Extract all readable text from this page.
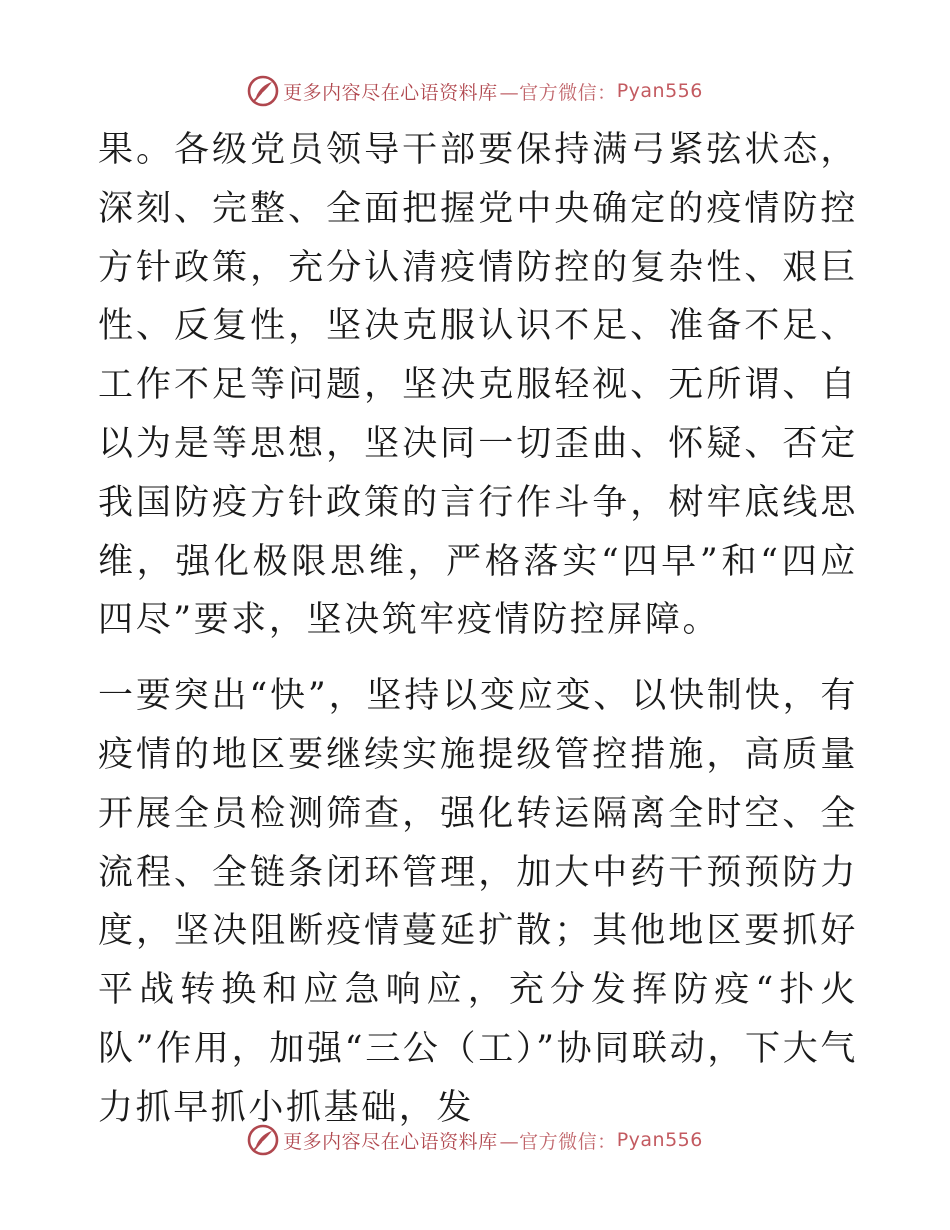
更多内容尽在心语资料库 —官方微信： Pyan556

果。各级党员领导干部要保持满弓紧弦状态，深刻、完整、全面把握党中央确定的疫情防控方针政策，充分认清疫情防控的复杂性、艰巨性、反复性，坚决克服认识不足、准备不足、工作不足等问题，坚决克服轻视、无所谓、自以为是等思想，坚决同一切歪曲、怀疑、否定我国防疫方针政策的言行作斗争，树牢底线思维，强化极限思维，严格落实“四早”和“四应四尽”要求，坚决筑牢疫情防控屏障。

一要突出“快”，坚持以变应变、以快制快，有疫情的地区要继续实施提级管控措施，高质量开展全员检测筛查，强化转运隔离全时空、全流程、全链条闭环管理，加大中药干预预防力度，坚决阻断疫情蔓延扩散；其他地区要抓好平战转换和应急响应，充分发挥防疫“扑火队”作用，加强“三公（工）”协同联动，下大气力抓早抓小抓基础，发

更多内容尽在心语资料库 —官方微信： Pyan556
